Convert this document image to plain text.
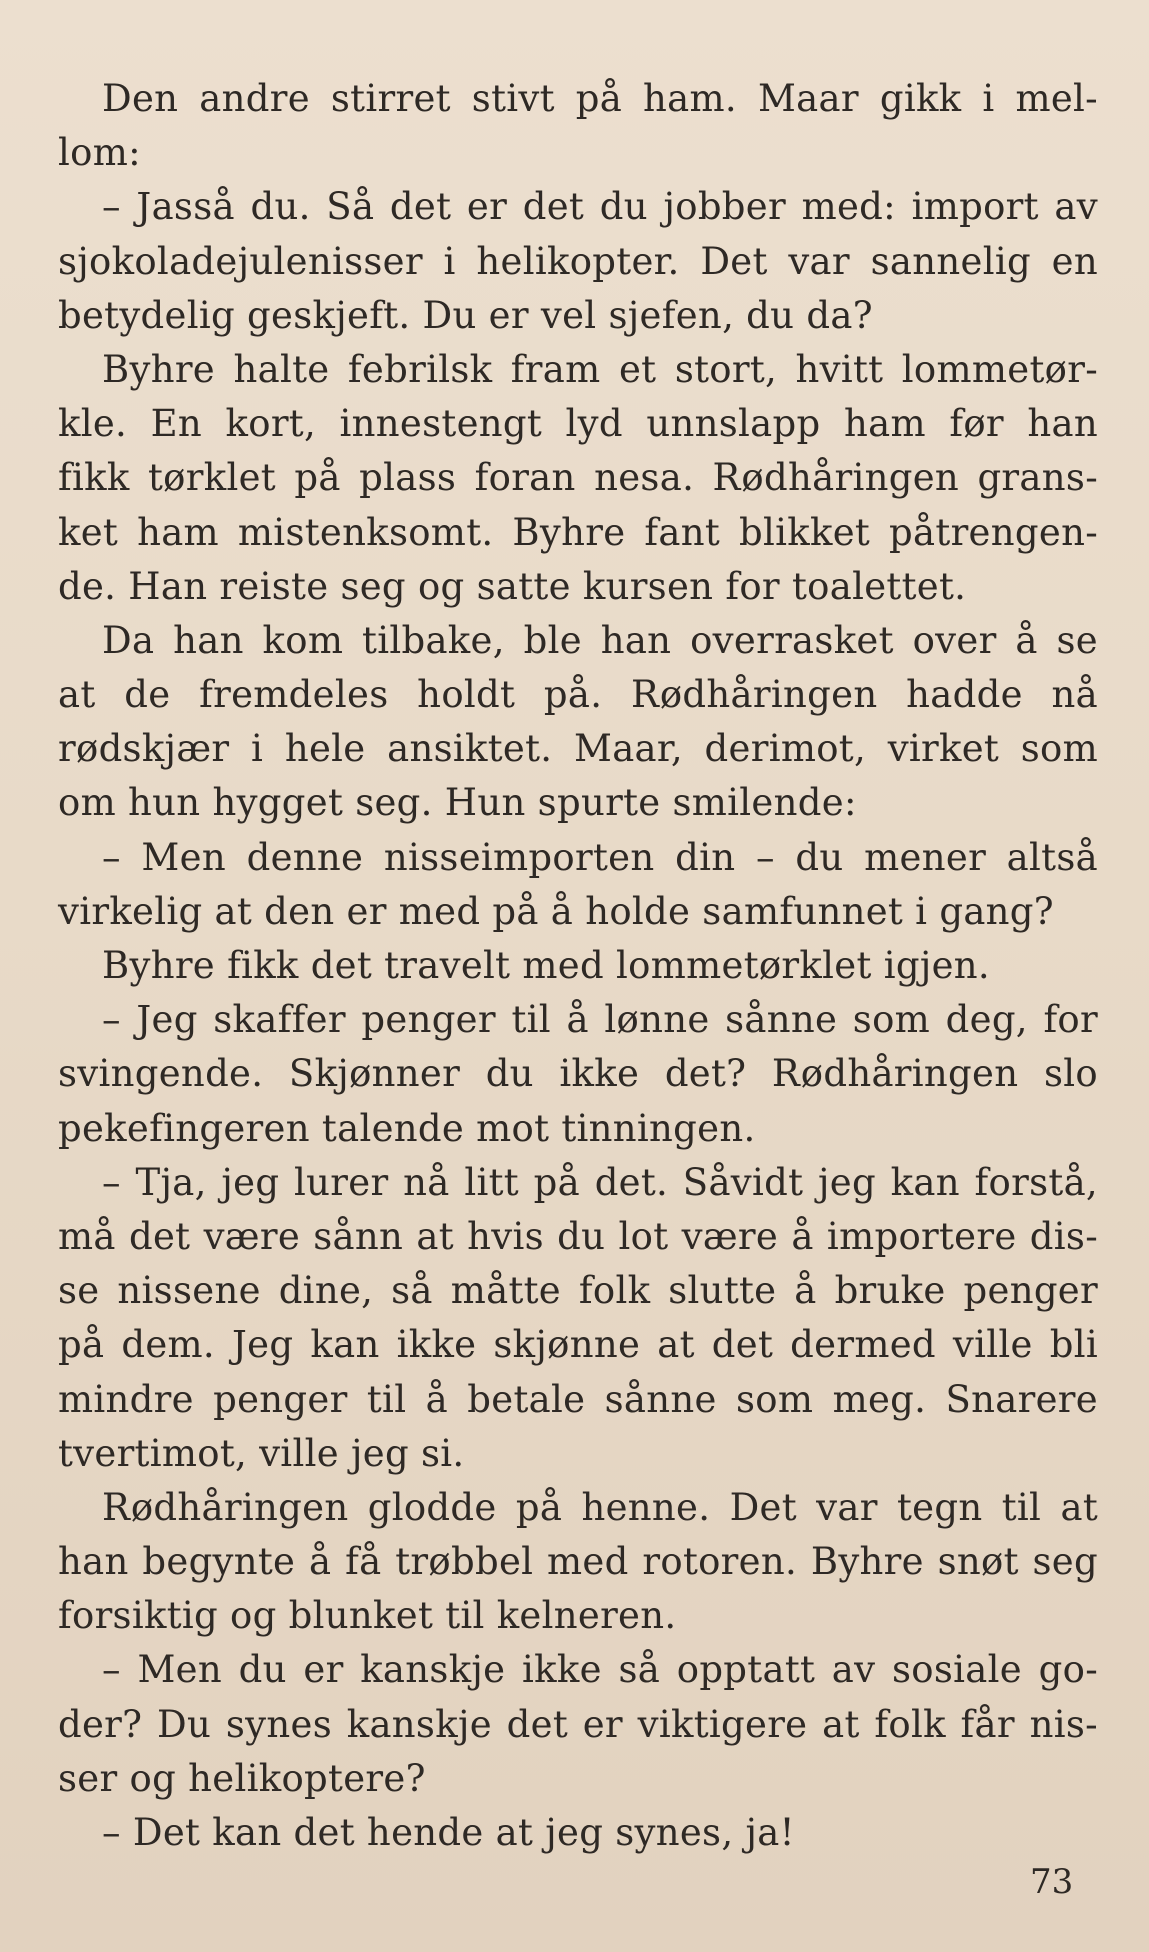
Den andre stirret stivt på ham. Maar gikk i mel-
lom:
– Jasså du. Så det er det du jobber med: import av
sjokoladejulenisser i helikopter. Det var sannelig en
betydelig geskjeft. Du er vel sjefen, du da?
Byhre halte febrilsk fram et stort, hvitt lommetør-
kle. En kort, innestengt lyd unnslapp ham før han
fikk tørklet på plass foran nesa. Rødhåringen grans-
ket ham mistenksomt. Byhre fant blikket påtrengen-
de. Han reiste seg og satte kursen for toalettet.
Da han kom tilbake, ble han overrasket over å se
at de fremdeles holdt på. Rødhåringen hadde nå
rødskjær i hele ansiktet. Maar, derimot, virket som
om hun hygget seg. Hun spurte smilende:
– Men denne nisseimporten din – du mener altså
virkelig at den er med på å holde samfunnet i gang?
Byhre fikk det travelt med lommetørklet igjen.
– Jeg skaffer penger til å lønne sånne som deg, for
svingende. Skjønner du ikke det? Rødhåringen slo
pekefingeren talende mot tinningen.
– Tja, jeg lurer nå litt på det. Såvidt jeg kan forstå,
må det være sånn at hvis du lot være å importere dis-
se nissene dine, så måtte folk slutte å bruke penger
på dem. Jeg kan ikke skjønne at det dermed ville bli
mindre penger til å betale sånne som meg. Snarere
tvertimot, ville jeg si.
Rødhåringen glodde på henne. Det var tegn til at
han begynte å få trøbbel med rotoren. Byhre snøt seg
forsiktig og blunket til kelneren.
– Men du er kanskje ikke så opptatt av sosiale go-
der? Du synes kanskje det er viktigere at folk får nis-
ser og helikoptere?
– Det kan det hende at jeg synes, ja!
73
